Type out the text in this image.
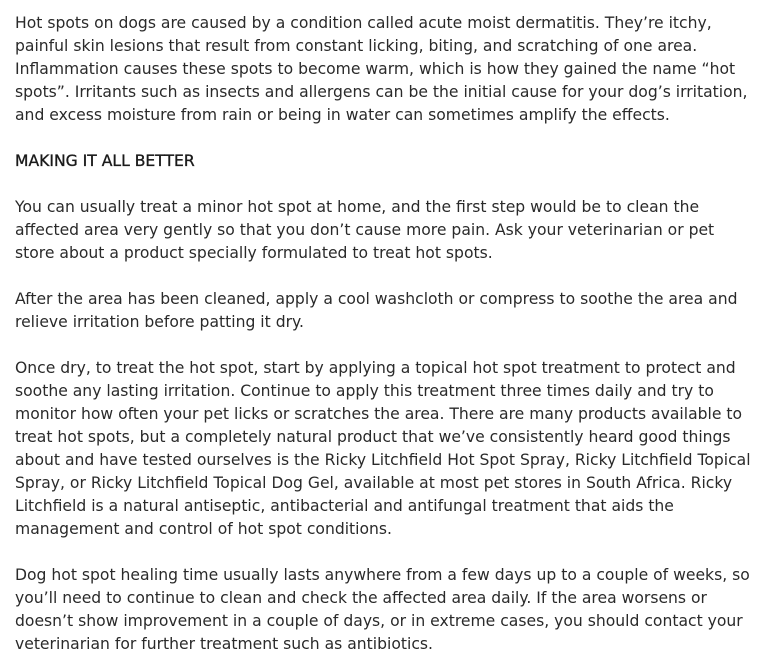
Hot spots on dogs are caused by a condition called acute moist dermatitis. They’re itchy, painful skin lesions that result from constant licking, biting, and scratching of one area. Inflammation causes these spots to become warm, which is how they gained the name “hot spots”. Irritants such as insects and allergens can be the initial cause for your dog’s irritation, and excess moisture from rain or being in water can sometimes amplify the effects.

MAKING IT ALL BETTER

You can usually treat a minor hot spot at home, and the first step would be to clean the affected area very gently so that you don’t cause more pain. Ask your veterinarian or pet store about a product specially formulated to treat hot spots.

After the area has been cleaned, apply a cool washcloth or compress to soothe the area and relieve irritation before patting it dry.

Once dry, to treat the hot spot, start by applying a topical hot spot treatment to protect and soothe any lasting irritation. Continue to apply this treatment three times daily and try to monitor how often your pet licks or scratches the area. There are many products available to treat hot spots, but a completely natural product that we’ve consistently heard good things about and have tested ourselves is the Ricky Litchfield Hot Spot Spray, Ricky Litchfield Topical Spray, or Ricky Litchfield Topical Dog Gel, available at most pet stores in South Africa. Ricky Litchfield is a natural antiseptic, antibacterial and antifungal treatment that aids the management and control of hot spot conditions.

Dog hot spot healing time usually lasts anywhere from a few days up to a couple of weeks, so you’ll need to continue to clean and check the affected area daily. If the area worsens or doesn’t show improvement in a couple of days, or in extreme cases, you should contact your veterinarian for further treatment such as antibiotics.
